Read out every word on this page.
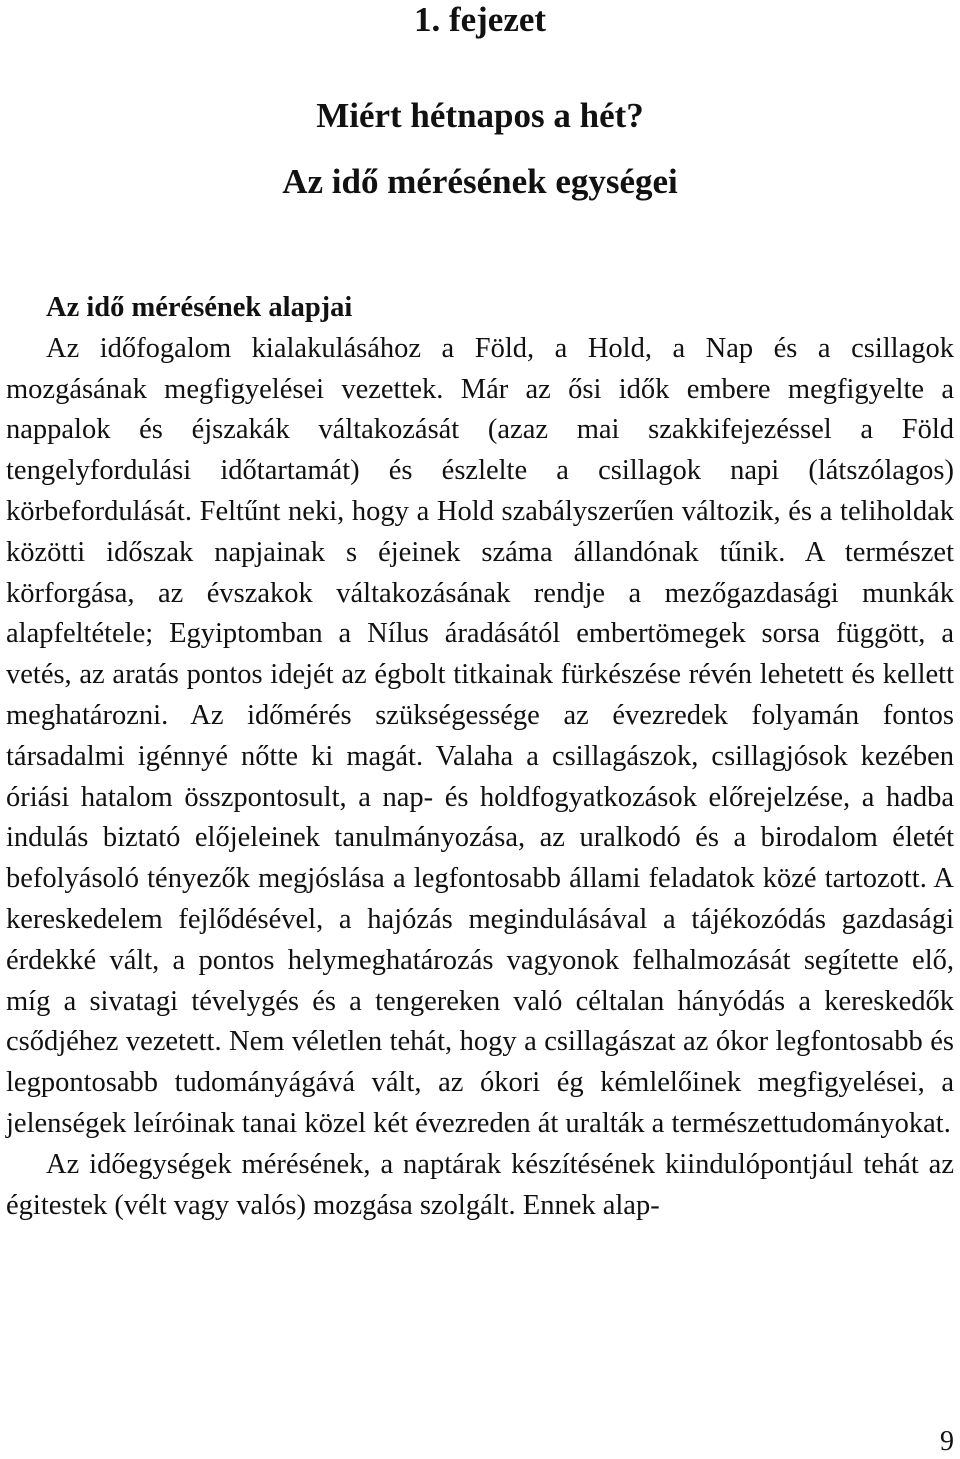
1. fejezet
Miért hétnapos a hét?
Az idő mérésének egységei

Az idő mérésének alapjai

Az időfogalom kialakulásához a Föld, a Hold, a Nap és a csillagok mozgásának megfigyelései vezettek. Már az ősi idők embere megfigyelte a nappalok és éjszakák váltakozását (azaz mai szakkifejezéssel a Föld tengelyfordulási időtartamát) és észlelte a csillagok napi (látszólagos) körbefordulását. Feltűnt neki, hogy a Hold szabályszerűen változik, és a teliholdak közötti időszak napjainak s éjeinek száma állandónak tűnik. A természet körforgása, az évszakok váltakozásának rendje a mezőgazdasági munkák alapfeltétele; Egyiptomban a Nílus áradásától embertömegek sorsa függött, a vetés, az aratás pontos idejét az égbolt titkainak fürkészése révén lehetett és kellett meghatározni. Az időmérés szükségessége az évezredek folyamán fontos társadalmi igénnyé nőtte ki magát. Valaha a csillagászok, csillagjósok kezében óriási hatalom összpontosult, a nap- és holdfogyatkozások előrejelzése, a hadba indulás biztató előjeleinek tanulmányozása, az uralkodó és a birodalom életét befolyásoló tényezők megjóslása a legfontosabb állami feladatok közé tartozott. A kereskedelem fejlődésével, a hajózás megindulásával a tájékozódás gazdasági érdekké vált, a pontos helymeghatározás vagyonok felhalmozását segítette elő, míg a sivatagi tévelygés és a tengereken való céltalan hányódás a kereskedők csődjéhez vezetett. Nem véletlen tehát, hogy a csillagászat az ókor legfontosabb és legpontosabb tudományágává vált, az ókori ég kémlelőinek megfigyelései, a jelenségek leíróinak tanai közel két évezreden át uralták a természettudományokat.

Az időegységek mérésének, a naptárak készítésének kiindulópontjául tehát az égitestek (vélt vagy valós) mozgása szolgált. Ennek alap-

9
